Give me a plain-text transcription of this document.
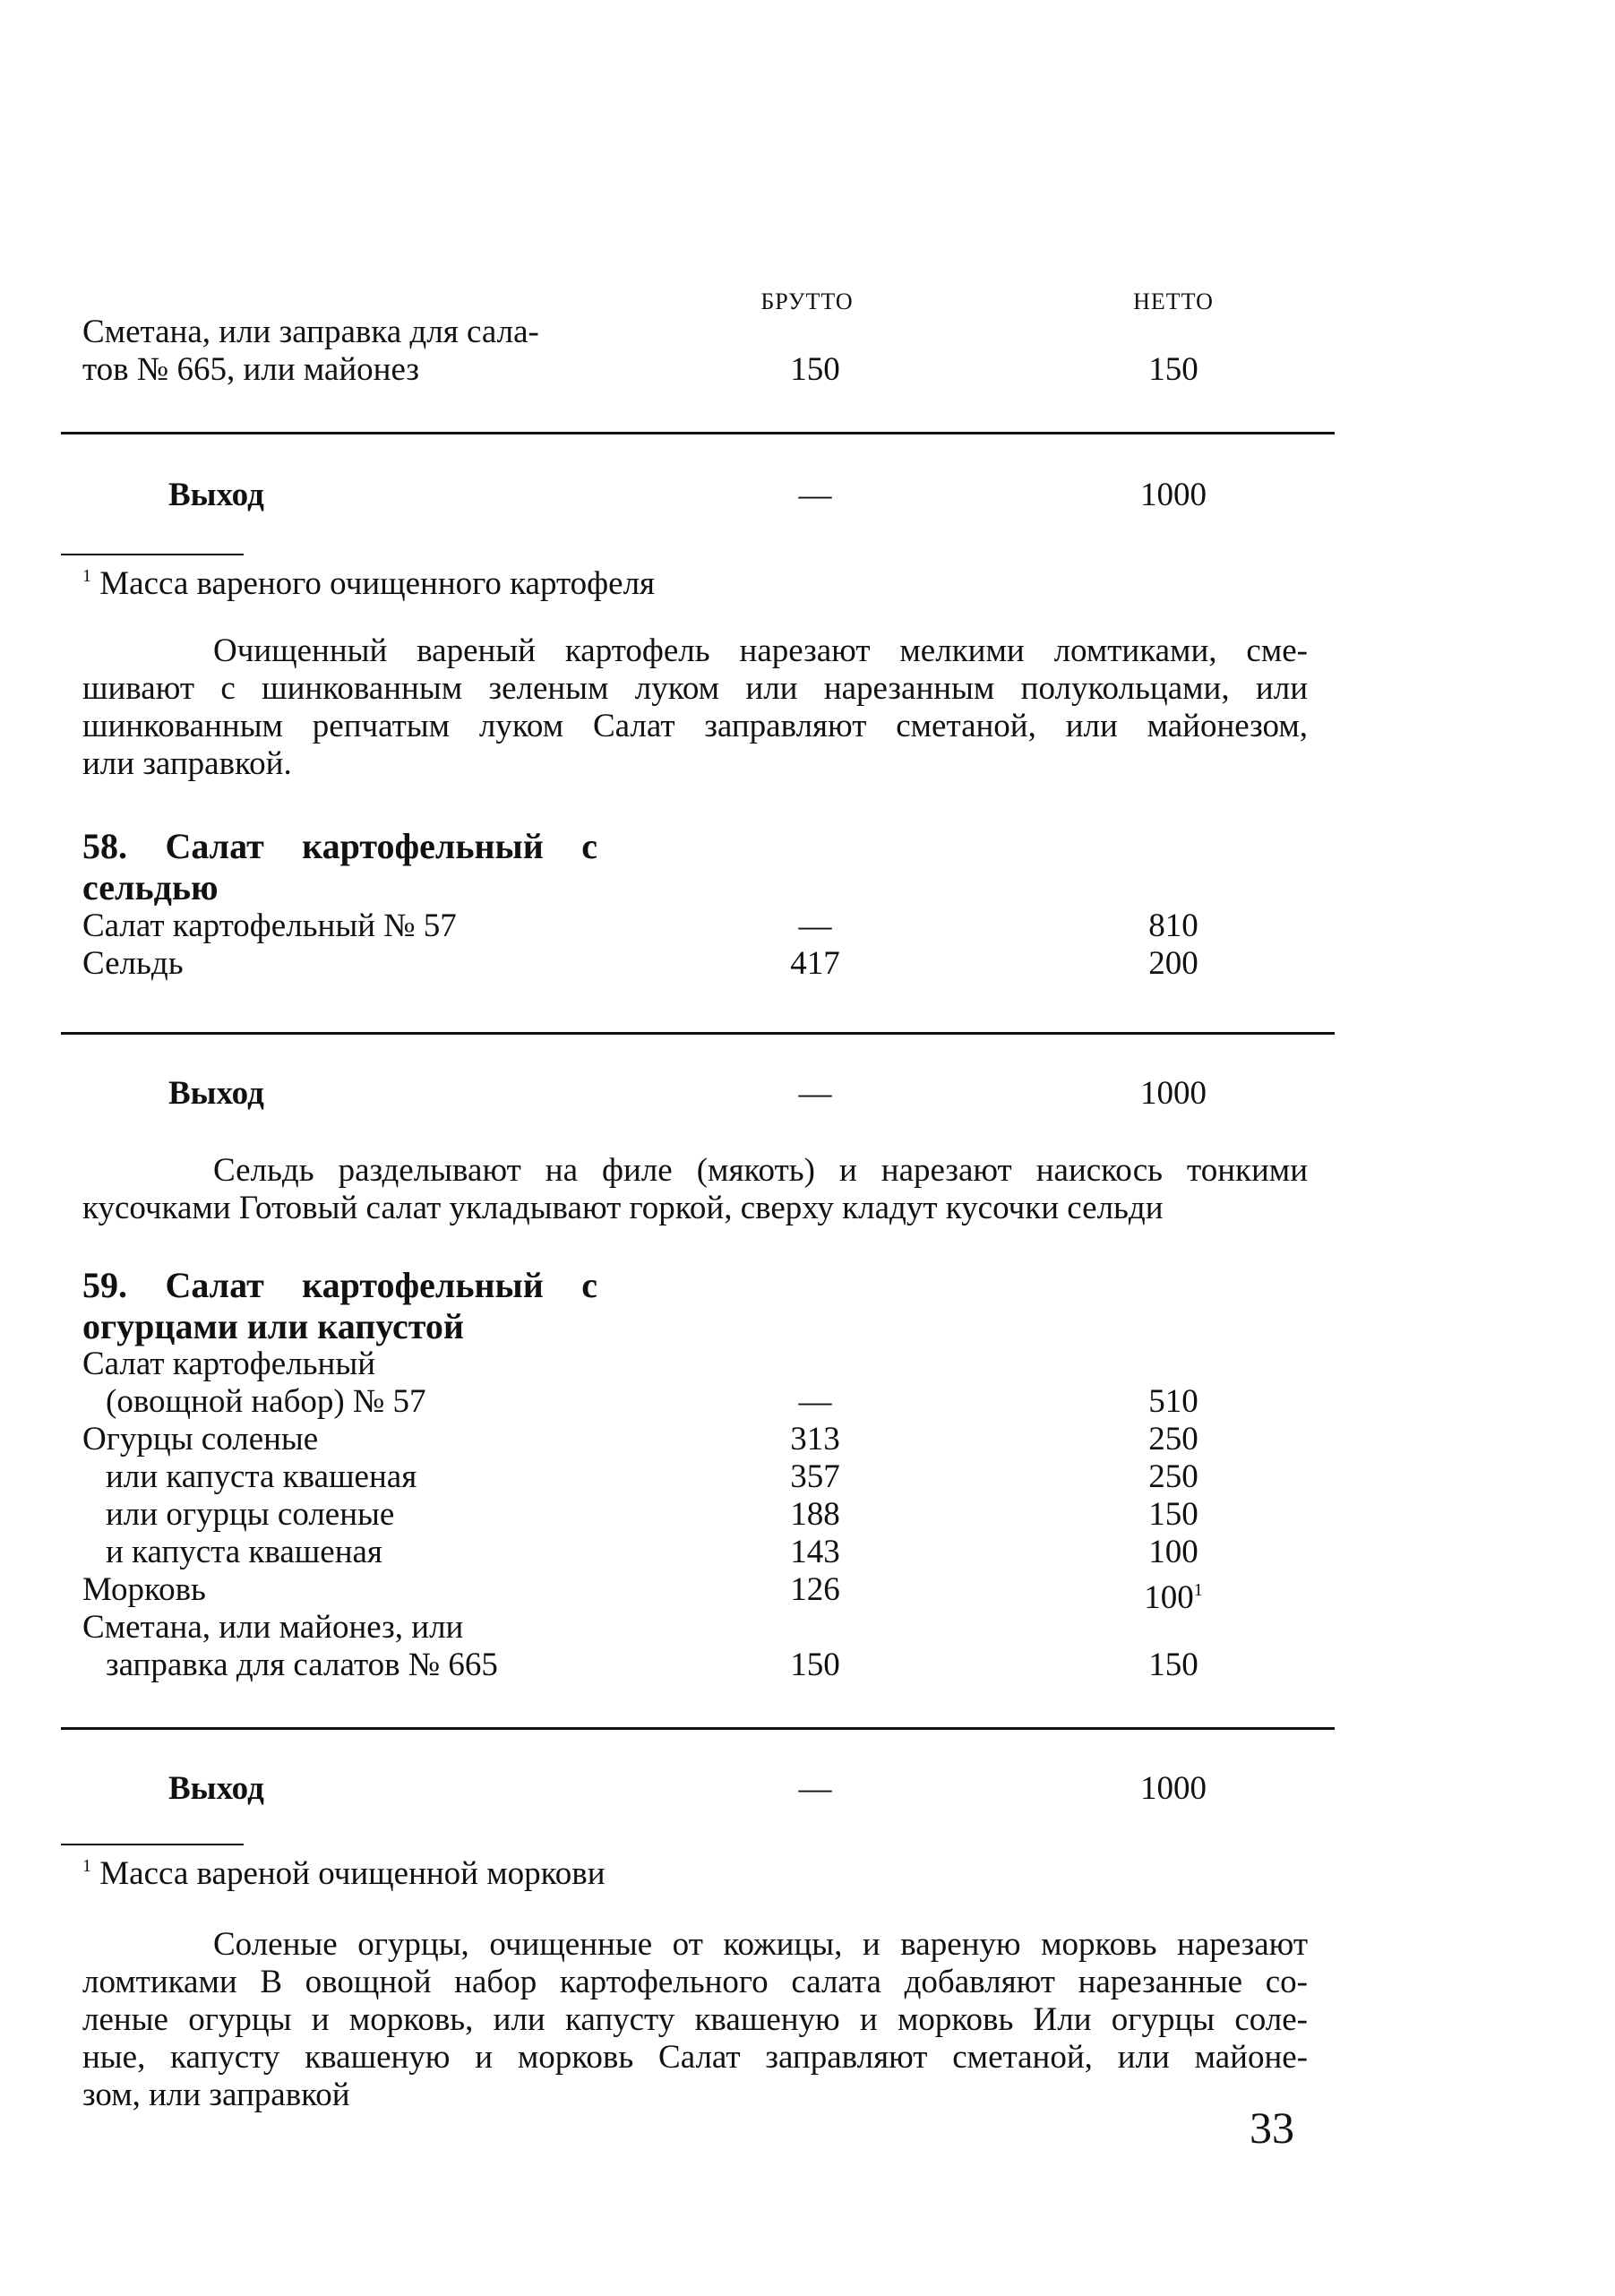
БРУТТО	НЕТТО
Сметана, или заправка для сала-
тов № 665, или майонез	150	150
Выход	—	1000
$^1$ Масса вареного очищенного картофеля
Очищенный вареный картофель нарезают мелкими ломтиками, сме-
шивают с шинкованным зеленым луком или нарезанным полукольцами, или
шинкованным репчатым луком Салат заправляют сметаной, или майонезом,
или заправкой.
58. Салат картофельный с
сельдью
Салат картофельный № 57	—	810
Сельдь	417	200
Выход	—	1000
Сельдь разделывают на филе (мякоть) и нарезают наискось тонкими
кусочками Готовый салат укладывают горкой, сверху кладут кусочки сельди
59. Салат картофельный с
огурцами или капустой
Салат картофельный
(овощной набор) № 57	—	510
Огурцы соленые	313	250
или капуста квашеная	357	250
или огурцы соленые	188	150
и капуста квашеная	143	100
Морковь	126	$100^1$
Сметана, или майонез, или
заправка для салатов № 665	150	150
Выход	—	1000
$^1$ Масса вареной очищенной моркови
Соленые огурцы, очищенные от кожицы, и вареную морковь нарезают
ломтиками В овощной набор картофельного салата добавляют нарезанные со-
леные огурцы и морковь, или капусту квашеную и морковь Или огурцы соле-
ные, капусту квашеную и морковь Салат заправляют сметаной, или майоне-
зом, или заправкой
33
